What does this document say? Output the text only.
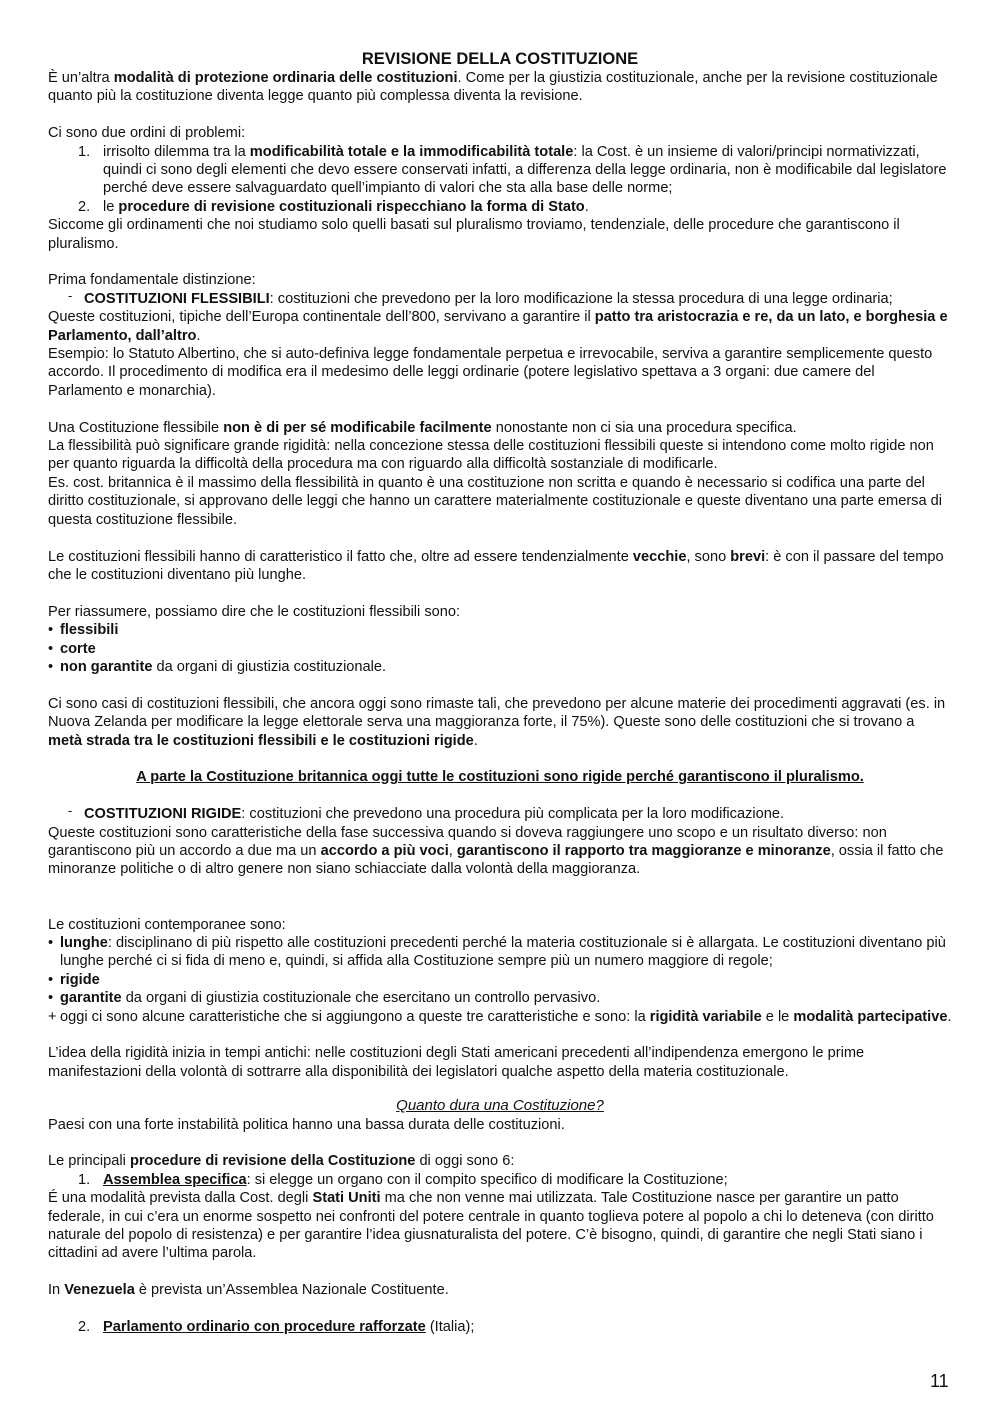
REVISIONE DELLA COSTITUZIONE

È un’altra modalità di protezione ordinaria delle costituzioni. Come per la giustizia costituzionale, anche per la revisione costituzionale quanto più la costituzione diventa legge quanto più complessa diventa la revisione.

Ci sono due ordini di problemi:

1. irrisolto dilemma tra la modificabilità totale e la immodificabilità totale: la Cost. è un insieme di valori/principi normativizzati, quindi ci sono degli elementi che devo essere conservati infatti, a differenza della legge ordinaria, non è modificabile dal legislatore perché deve essere salvaguardato quell’impianto di valori che sta alla base delle norme;
2. le procedure di revisione costituzionali rispecchiano la forma di Stato.

Siccome gli ordinamenti che noi studiamo solo quelli basati sul pluralismo troviamo, tendenziale, delle procedure che garantiscono il pluralismo.

Prima fondamentale distinzione:

- COSTITUZIONI FLESSIBILI: costituzioni che prevedono per la loro modificazione la stessa procedura di una legge ordinaria;

Queste costituzioni, tipiche dell’Europa continentale dell’800, servivano a garantire il patto tra aristocrazia e re, da un lato, e borghesia e Parlamento, dall’altro.

Esempio: lo Statuto Albertino, che si auto-definiva legge fondamentale perpetua e irrevocabile, serviva a garantire semplicemente questo accordo. Il procedimento di modifica era il medesimo delle leggi ordinarie (potere legislativo spettava a 3 organi: due camere del Parlamento e monarchia).

Una Costituzione flessibile non è di per sé modificabile facilmente nonostante non ci sia una procedura specifica.

La flessibilità può significare grande rigidità: nella concezione stessa delle costituzioni flessibili queste si intendono come molto rigide non per quanto riguarda la difficoltà della procedura ma con riguardo alla difficoltà sostanziale di modificarle.

Es. cost. britannica è il massimo della flessibilità in quanto è una costituzione non scritta e quando è necessario si codifica una parte del diritto costituzionale, si approvano delle leggi che hanno un carattere materialmente costituzionale e queste diventano una parte emersa di questa costituzione flessibile.

Le costituzioni flessibili hanno di caratteristico il fatto che, oltre ad essere tendenzialmente vecchie, sono brevi: è con il passare del tempo che le costituzioni diventano più lunghe.

Per riassumere, possiamo dire che le costituzioni flessibili sono:

• flessibili
• corte
• non garantite da organi di giustizia costituzionale.

Ci sono casi di costituzioni flessibili, che ancora oggi sono rimaste tali, che prevedono per alcune materie dei procedimenti aggravati (es. in Nuova Zelanda per modificare la legge elettorale serva una maggioranza forte, il 75%). Queste sono delle costituzioni che si trovano a metà strada tra le costituzioni flessibili e le costituzioni rigide.

A parte la Costituzione britannica oggi tutte le costituzioni sono rigide perché garantiscono il pluralismo.

- COSTITUZIONI RIGIDE: costituzioni che prevedono una procedura più complicata per la loro modificazione.

Queste costituzioni sono caratteristiche della fase successiva quando si doveva raggiungere uno scopo e un risultato diverso: non garantiscono più un accordo a due ma un accordo a più voci, garantiscono il rapporto tra maggioranze e minoranze, ossia il fatto che minoranze politiche o di altro genere non siano schiacciate dalla volontà della maggioranza.

Le costituzioni contemporanee sono:

• lunghe: disciplinano di più rispetto alle costituzioni precedenti perché la materia costituzionale si è allargata. Le costituzioni diventano più lunghe perché ci si fida di meno e, quindi, si affida alla Costituzione sempre più un numero maggiore di regole;
• rigide
• garantite da organi di giustizia costituzionale che esercitano un controllo pervasivo.
+ oggi ci sono alcune caratteristiche che si aggiungono a queste tre caratteristiche e sono: la rigidità variabile e le modalità partecipative.

L’idea della rigidità inizia in tempi antichi: nelle costituzioni degli Stati americani precedenti all’indipendenza emergono le prime manifestazioni della volontà di sottrarre alla disponibilità dei legislatori qualche aspetto della materia costituzionale.

Quanto dura una Costituzione?

Paesi con una forte instabilità politica hanno una bassa durata delle costituzioni.

Le principali procedure di revisione della Costituzione di oggi sono 6:

1. Assemblea specifica: si elegge un organo con il compito specifico di modificare la Costituzione;

É una modalità prevista dalla Cost. degli Stati Uniti ma che non venne mai utilizzata. Tale Costituzione nasce per garantire un patto federale, in cui c’era un enorme sospetto nei confronti del potere centrale in quanto toglieva potere al popolo a chi lo deteneva (con diritto naturale del popolo di resistenza) e per garantire l’idea giusnaturalista del potere. C’è bisogno, quindi, di garantire che negli Stati siano i cittadini ad avere l’ultima parola.

In Venezuela è prevista un’Assemblea Nazionale Costituente.

2. Parlamento ordinario con procedure rafforzate (Italia);
11
